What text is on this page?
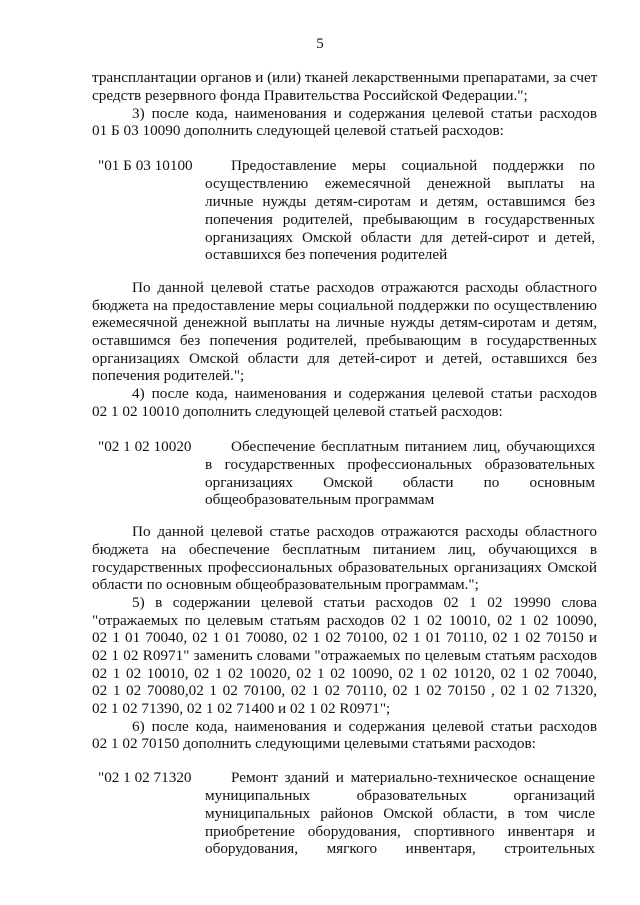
5
трансплантации органов и (или) тканей лекарственными препаратами, за счет
средств резервного фонда Правительства Российской Федерации.";
3) после кода, наименования и содержания целевой статьи расходов
01 Б 03 10090 дополнить следующей целевой статьей расходов:
"01 Б 03 10100	Предоставление меры социальной поддержки по
осуществлению ежемесячной денежной выплаты на
личные нужды детям-сиротам и детям, оставшимся без
попечения родителей, пребывающим в государственных
организациях Омской области для детей-сирот и детей,
оставшихся без попечения родителей
По данной целевой статье расходов отражаются расходы областного
бюджета на предоставление меры социальной поддержки по осуществлению
ежемесячной денежной выплаты на личные нужды детям-сиротам и детям,
оставшимся без попечения родителей, пребывающим в государственных
организациях Омской области для детей-сирот и детей, оставшихся без
попечения родителей.";
4) после кода, наименования и содержания целевой статьи расходов
02 1 02 10010 дополнить следующей целевой статьей расходов:
"02 1 02 10020	Обеспечение бесплатным питанием лиц, обучающихся
в государственных профессиональных образовательных
организациях Омской области по основным
общеобразовательным программам
По данной целевой статье расходов отражаются расходы областного
бюджета на обеспечение бесплатным питанием лиц, обучающихся в
государственных профессиональных образовательных организациях Омской
области по основным общеобразовательным программам.";
5) в содержании целевой статьи расходов 02 1 02 19990 слова
"отражаемых по целевым статьям расходов 02 1 02 10010, 02 1 02 10090,
02 1 01 70040, 02 1 01 70080, 02 1 02 70100, 02 1 01 70110, 02 1 02 70150 и
02 1 02 R0971" заменить словами "отражаемых по целевым статьям расходов
02 1 02 10010, 02 1 02 10020, 02 1 02 10090, 02 1 02 10120, 02 1 02 70040,
02 1 02 70080,02 1 02 70100, 02 1 02 70110, 02 1 02 70150 , 02 1 02 71320,
02 1 02 71390, 02 1 02 71400 и 02 1 02 R0971";
6) после кода, наименования и содержания целевой статьи расходов
02 1 02 70150 дополнить следующими целевыми статьями расходов:
"02 1 02 71320	Ремонт зданий и материально-техническое оснащение
муниципальных образовательных организаций
муниципальных районов Омской области, в том числе
приобретение оборудования, спортивного инвентаря и
оборудования, мягкого инвентаря, строительных
